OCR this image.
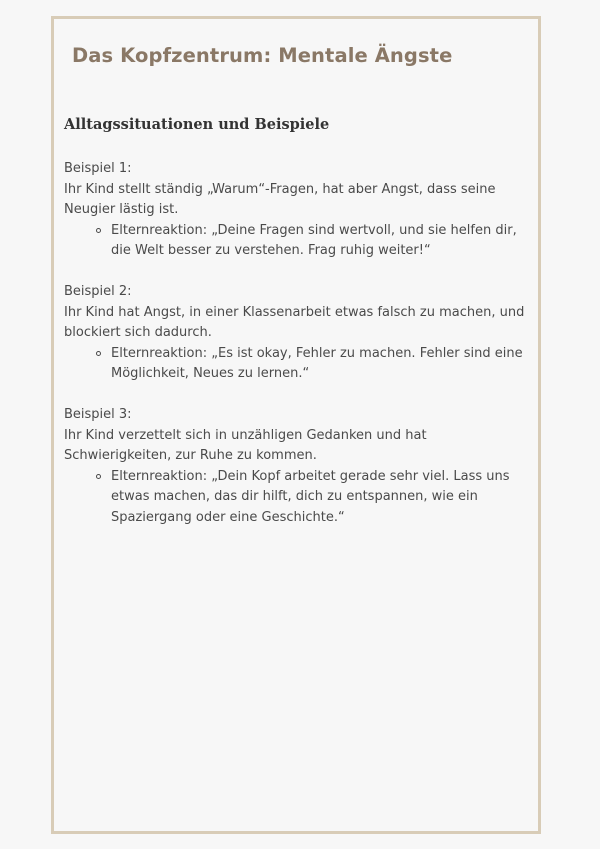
Das Kopfzentrum: Mentale Ängste
Alltagssituationen und Beispiele

Beispiel 1:

Ihr Kind stellt ständig „Warum“-Fragen, hat aber Angst, dass seine Neugier lästig ist.

Elternreaktion: „Deine Fragen sind wertvoll, und sie helfen dir, die Welt besser zu verstehen. Frag ruhig weiter!“

Beispiel 2:

Ihr Kind hat Angst, in einer Klassenarbeit etwas falsch zu machen, und blockiert sich dadurch.

Elternreaktion: „Es ist okay, Fehler zu machen. Fehler sind eine Möglichkeit, Neues zu lernen.“

Beispiel 3:

Ihr Kind verzettelt sich in unzähligen Gedanken und hat Schwierigkeiten, zur Ruhe zu kommen.

Elternreaktion: „Dein Kopf arbeitet gerade sehr viel. Lass uns etwas machen, das dir hilft, dich zu entspannen, wie ein Spaziergang oder eine Geschichte.“
